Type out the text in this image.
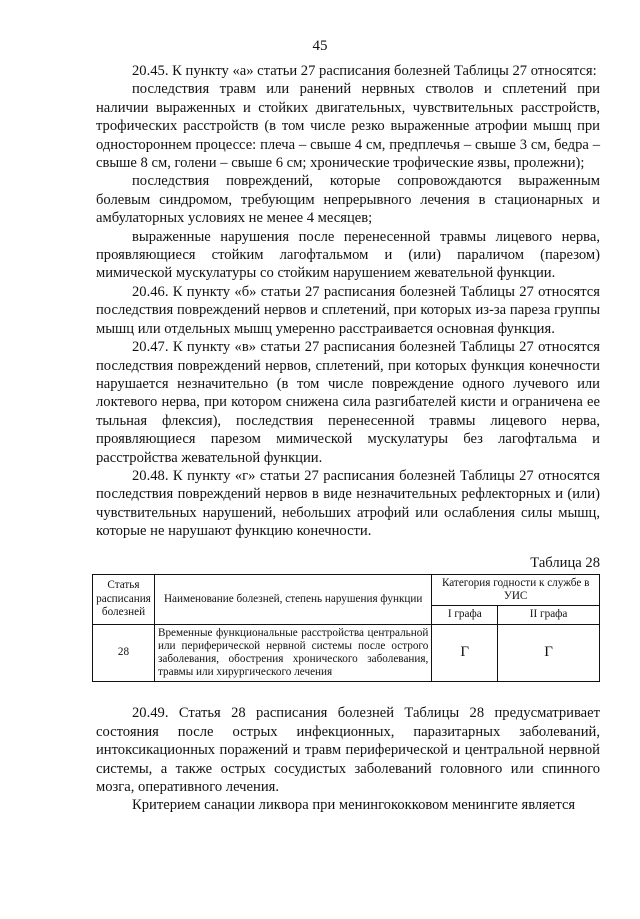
45

20.45. К пункту «а» статьи 27 расписания болезней Таблицы 27 относятся:

последствия травм или ранений нервных стволов и сплетений при наличии выраженных и стойких двигательных, чувствительных расстройств, трофических расстройств (в том числе резко выраженные атрофии мышц при одностороннем процессе: плеча – свыше 4 см, предплечья – свыше 3 см, бедра – свыше 8 см, голени – свыше 6 см; хронические трофические язвы, пролежни);

последствия повреждений, которые сопровождаются выраженным болевым синдромом, требующим непрерывного лечения в стационарных и амбулаторных условиях не менее 4 месяцев;

выраженные нарушения после перенесенной травмы лицевого нерва, проявляющиеся стойким лагофтальмом и (или) параличом (парезом) мимической мускулатуры со стойким нарушением жевательной функции.

20.46. К пункту «б» статьи 27 расписания болезней Таблицы 27 относятся последствия повреждений нервов и сплетений, при которых из-за пареза группы мышц или отдельных мышц умеренно расстраивается основная функция.

20.47. К пункту «в» статьи 27 расписания болезней Таблицы 27 относятся последствия повреждений нервов, сплетений, при которых функция конечности нарушается незначительно (в том числе повреждение одного лучевого или локтевого нерва, при котором снижена сила разгибателей кисти и ограничена ее тыльная флексия), последствия перенесенной травмы лицевого нерва, проявляющиеся парезом мимической мускулатуры без лагофтальма и расстройства жевательной функции.

20.48. К пункту «г» статьи 27 расписания болезней Таблицы 27 относятся последствия повреждений нервов в виде незначительных рефлекторных и (или) чувствительных нарушений, небольших атрофий или ослабления силы мышц, которые не нарушают функцию конечности.

Таблица 28
Статья расписания болезней	Наименование болезней, степень нарушения функции	Категория годности к службе в УИС	
		I графа	II графа
28	Временные функциональные расстройства центральной или периферической нервной системы после острого заболевания, обострения хронического заболевания, травмы или хирургического лечения	Г	Г

20.49. Статья 28 расписания болезней Таблицы 28 предусматривает состояния после острых инфекционных, паразитарных заболеваний, интоксикационных поражений и травм периферической и центральной нервной системы, а также острых сосудистых заболеваний головного или спинного мозга, оперативного лечения.

Критерием санации ликвора при менингококковом менингите является
